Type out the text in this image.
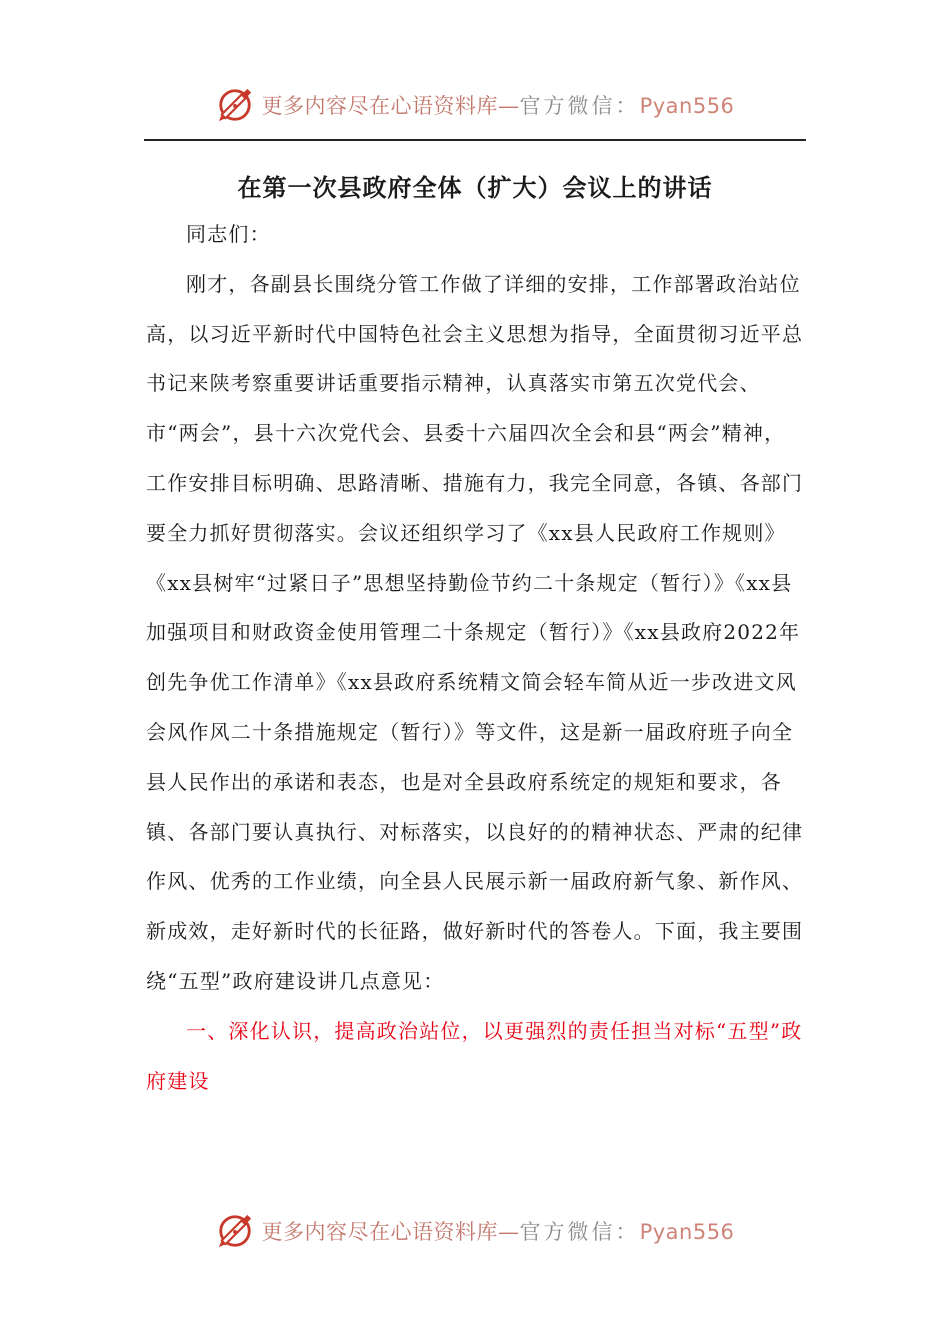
更多内容尽在心语资料库—官方微信：Pyan556
在第一次县政府全体（扩大）会议上的讲话

同志们：

刚才，各副县长围绕分管工作做了详细的安排，工作部署政治站位高，以习近平新时代中国特色社会主义思想为指导，全面贯彻习近平总书记来陕考察重要讲话重要指示精神，认真落实市第五次党代会、市“两会”，县十六次党代会、县委十六届四次全会和县“两会”精神，工作安排目标明确、思路清晰、措施有力，我完全同意，各镇、各部门要全力抓好贯彻落实。会议还组织学习了《xx县人民政府工作规则》《xx县树牢“过紧日子”思想坚持勤俭节约二十条规定（暂行）》《xx县加强项目和财政资金使用管理二十条规定（暂行）》《xx县政府2022年创先争优工作清单》《xx县政府系统精文简会轻车简从近一步改进文风会风作风二十条措施规定（暂行）》等文件，这是新一届政府班子向全县人民作出的承诺和表态，也是对全县政府系统定的规矩和要求，各镇、各部门要认真执行、对标落实，以良好的的精神状态、严肃的纪律作风、优秀的工作业绩，向全县人民展示新一届政府新气象、新作风、新成效，走好新时代的长征路，做好新时代的答卷人。下面，我主要围绕“五型”政府建设讲几点意见：

一、深化认识，提高政治站位，以更强烈的责任担当对标“五型”政府建设

更多内容尽在心语资料库—官方微信：Pyan556
